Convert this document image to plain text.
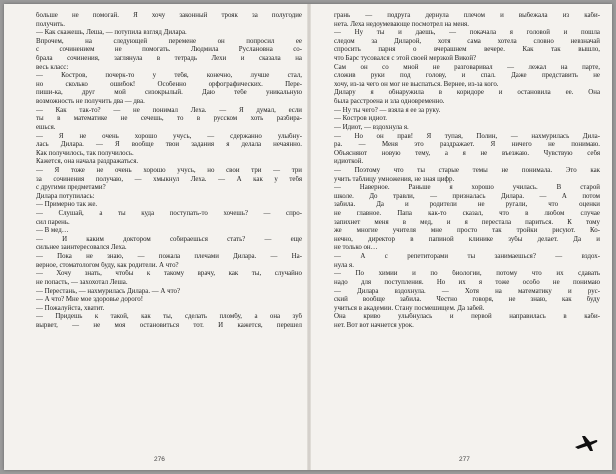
больше не помогай. Я хочу законный трояк за полугодие
получить.
— Как скажешь, Леша, — потупила взгляд Дилара.
Впрочем, на следующей перемене он попросил ее
с сочинением не помогать. Людмила Руслановна со-
брала сочинения, заглянула в тетрадь Лехи и сказала на
весь класс:
— Костров, почерк-то у тебя, конечно, лучше стал,
но сколько ошибок! Особенно орфографических. Пере-
пиши-ка, друг мой сизокрылый. Даю тебе уникальную
возможность не получить два — два.
— Как так-то? — не понимал Леха. — Я думал, если
ты в математике не сечешь, то в русском хоть разбира-
ешься.
— Я не очень хорошо учусь, — сдержанно улыбну-
лась Дилара. — Я вообще твои задания я делала нечаянно.
Как получилось, так получилось.
Кажется, она начала раздражаться.
— Я тоже не очень хорошо учусь, но свои три — три
за сочинения получаю, — хмыкнул Леха. — А как у тебя
с другими предметами?
Дилара потупилась:
— Примерно так же.
— Слушай, а ты куда поступать-то хочешь? — спро-
сил парень.
— В мед…
— И каким доктором собираешься стать? — еще
сильнее заинтересовался Леха.
— Пока не знаю, — пожала плечами Дилара. — На-
верное, стоматологом буду, как родители. А что?
— Хочу знать, чтобы к такому врачу, как ты, случайно
не попасть, — захохотал Леша.
— Перестань, — нахмурилась Дилара. — А что?
— А что? Мне мое здоровье дорого!
— Пожалуйста, хватит.
— Придешь к такой, как ты, сделать пломбу, а она зуб
вырвет, — не моя остановиться тот. И кажется, перешел
грань — подруга дернула плечом и выбежала из каби-
нета. Леха недоумевающе посмотрел на меня.
— Ну ты и даешь, — покачала я головой и пошла
следом за Диларой, хотя сама хотела словно невзначай
спросить парня о вчерашнем вечере. Как так вышло,
что Барс тусовался с этой своей мерзкой Викой?
Сам он со мной не разговаривал — лежал на парте,
сложив руки под голову, и спал. Даже представить не
хочу, из-за чего он мог не выспаться. Вернее, из-за кого.
Дилару я обнаружила в коридоре и остановила ее. Она
была расстроена и зла одновременно.
— Ну ты чего? — взяла я ее за руку.
— Костров идиот.
— Идиот, — вздохнула я.
— Но он прав! Я тупая, Полин, — нахмурилась Дила-
ра. — Меня это раздражает. Я ничего не понимаю.
Объясняют новую тему, а я не въезжаю. Чувствую себя
идиоткой.
— Поэтому что ты старые темы не понимала. Это как
учить таблицу умножения, не зная цифр.
— Наверное. Раньше я хорошо училась. В старой
школе. До травли, — призналась Дилара. — А потом
забила. Да и родители не ругали, что оценки
не главное. Папа как-то сказал, что в любом случае
запихнет меня в мед, и я перестала париться. К тому
же многие учителя мне просто так тройки рисуют. Ко-
нечно, директор в папиной клинике зубы делает. Да и
не только он…
— А с репетиторами ты занимаешься? — вздох-
нула я.
— По химии и по биологии, потому что их сдавать
надо для поступления. Но их я тоже особо не понимаю
— Дилара вздохнула. — Хотя на математику и рус-
ский вообще забила. Честно говоря, не знаю, как буду
учиться в академии. Стану посмешищем. Да забей.
Она криво улыбнулась и первой направилась в каби-
нет. Вот вот начнется урок.
276	277
